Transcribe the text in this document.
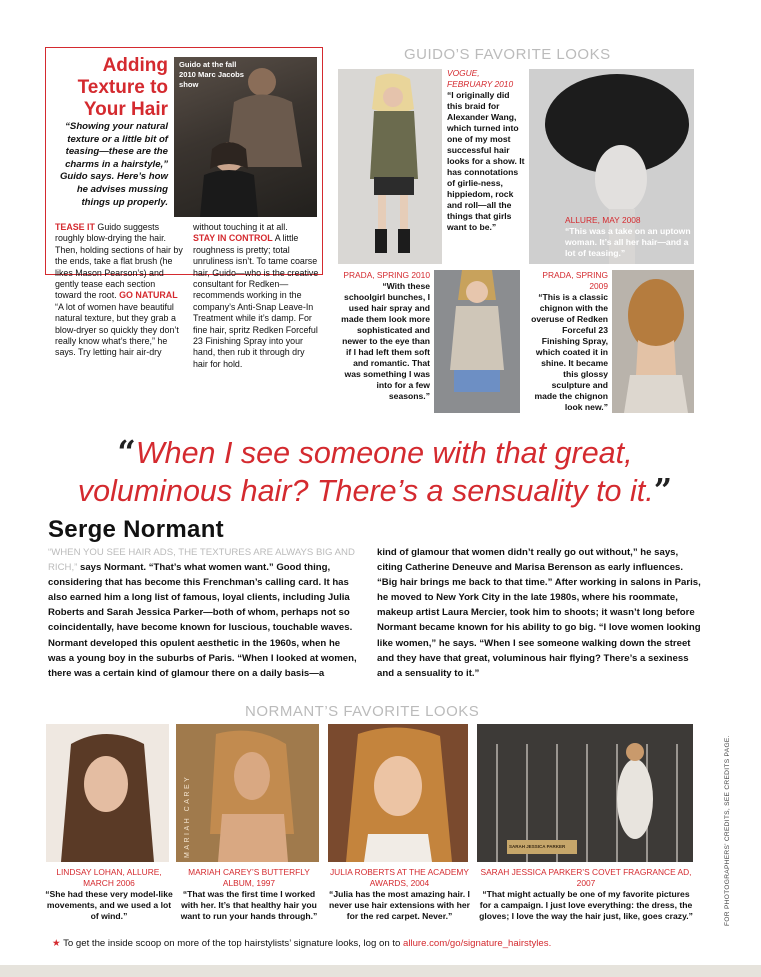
Adding Texture to Your Hair
“Showing your natural texture or a little bit of teasing—these are the charms in a hairstyle,” Guido says. Here’s how he advises mussing things up properly.
Guido at the fall 2010 Marc Jacobs show
TEASE IT Guido suggests roughly blow-drying the hair. Then, holding sections of hair by the ends, take a flat brush (he likes Mason Pearson’s) and gently tease each section toward the root. GO NATURAL “A lot of women have beautiful natural texture, but they grab a blow-dryer so quickly they don’t really know what’s there,” he says. Try letting hair air-dry
without touching it at all.
STAY IN CONTROL A little roughness is pretty; total unruliness isn’t. To tame coarse hair, Guido—who is the creative consultant for Redken—recommends working in the company’s Anti-Snap Leave-In Treatment while it’s damp. For fine hair, spritz Redken Forceful 23 Finishing Spray into your hand, then rub it through dry hair for hold.
GUIDO’S FAVORITE LOOKS
VOGUE, FEBRUARY 2010
“I originally did this braid for Alexander Wang, which turned into one of my most successful hair looks for a show. It has connotations of girlie-ness, hippiedom, rock and roll—all the things that girls want to be.”
ALLURE, MAY 2008
“This was a take on an uptown woman. It’s all her hair—and a lot of teasing.”
PRADA, SPRING 2010
“With these schoolgirl bunches, I used hair spray and made them look more sophisticated and newer to the eye than if I had left them soft and romantic. That was something I was into for a few seasons.”
PRADA, SPRING 2009
“This is a classic chignon with the overuse of Redken Forceful 23 Finishing Spray, which coated it in shine. It became this glossy sculpture and made the chignon look new.”
“When I see someone with that great, voluminous hair? There’s a sensuality to it.”
Serge Normant
“WHEN YOU SEE HAIR ADS, THE TEXTURES ARE ALWAYS BIG AND RICH,” says Normant. “That’s what women want.” Good thing, considering that has become this Frenchman’s calling card. It has also earned him a long list of famous, loyal clients, including Julia Roberts and Sarah Jessica Parker—both of whom, perhaps not so coincidentally, have become known for luscious, touchable waves. Normant developed this opulent aesthetic in the 1960s, when he was a young boy in the suburbs of Paris. “When I looked at women, there was a certain kind of glamour there on a daily basis—a
kind of glamour that women didn’t really go out without,” he says, citing Catherine Deneuve and Marisa Berenson as early influences. “Big hair brings me back to that time.” After working in salons in Paris, he moved to New York City in the late 1980s, where his roommate, makeup artist Laura Mercier, took him to shoots; it wasn’t long before Normant became known for his ability to go big. “I love women looking like women,” he says. “When I see someone walking down the street and they have that great, voluminous hair flying? There’s a sexiness and a sensuality to it.”
NORMANT’S FAVORITE LOOKS
MARIAH CAREY	SARAH JESSICA PARKER
LINDSAY LOHAN, ALLURE, MARCH 2006
“She had these very model-like movements, and we used a lot of wind.”
MARIAH CAREY’S BUTTERFLY ALBUM, 1997
“That was the first time I worked with her. It’s that healthy hair you want to run your hands through.”
JULIA ROBERTS AT THE ACADEMY AWARDS, 2004
“Julia has the most amazing hair. I never use hair extensions with her for the red carpet. Never.”
SARAH JESSICA PARKER’S COVET FRAGRANCE AD, 2007
“That might actually be one of my favorite pictures for a campaign. I just love everything: the dress, the gloves; I love the way the hair just, like, goes crazy.”
★ To get the inside scoop on more of the top hairstylists’ signature looks, log on to allure.com/go/signature_hairstyles.
FOR PHOTOGRAPHERS’ CREDITS, SEE CREDITS PAGE.
